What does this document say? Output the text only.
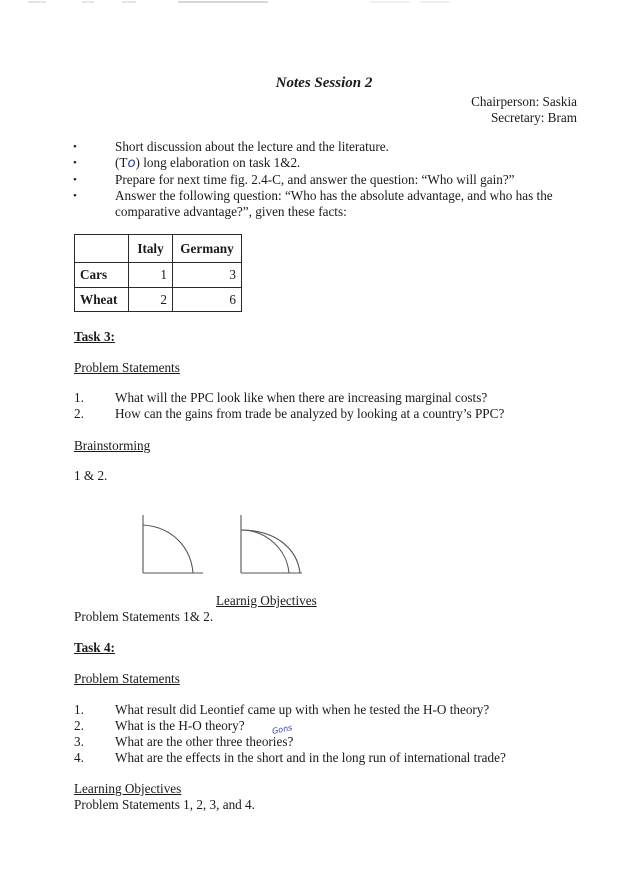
Notes Session 2
Chairperson: Saskia
Secretary: Bram
•	Short discussion about the lecture and the literature.
•	(To) long elaboration on task 1&2.
•	Prepare for next time fig. 2.4-C, and answer the question: “Who will gain?”
•	Answer the following question: “Who has the absolute advantage, and who has the
comparative advantage?”, given these facts:
	Italy	Germany
Cars	1	3
Wheat	2	6
Task 3:
Problem Statements
1. What will the PPC look like when there are increasing marginal costs?
2. How can the gains from trade be analyzed by looking at a country’s PPC?
Brainstorming
1 & 2.
Learnig Objectives
Problem Statements 1& 2.
Task 4:
Problem Statements
1. What result did Leontief came up with when he tested the H-O theory?
2. What is the H-O theory?
3. What are the other three theories?
4. What are the effects in the short and in the long run of international trade?
Gons
Learning Objectives
Problem Statements 1, 2, 3, and 4.
